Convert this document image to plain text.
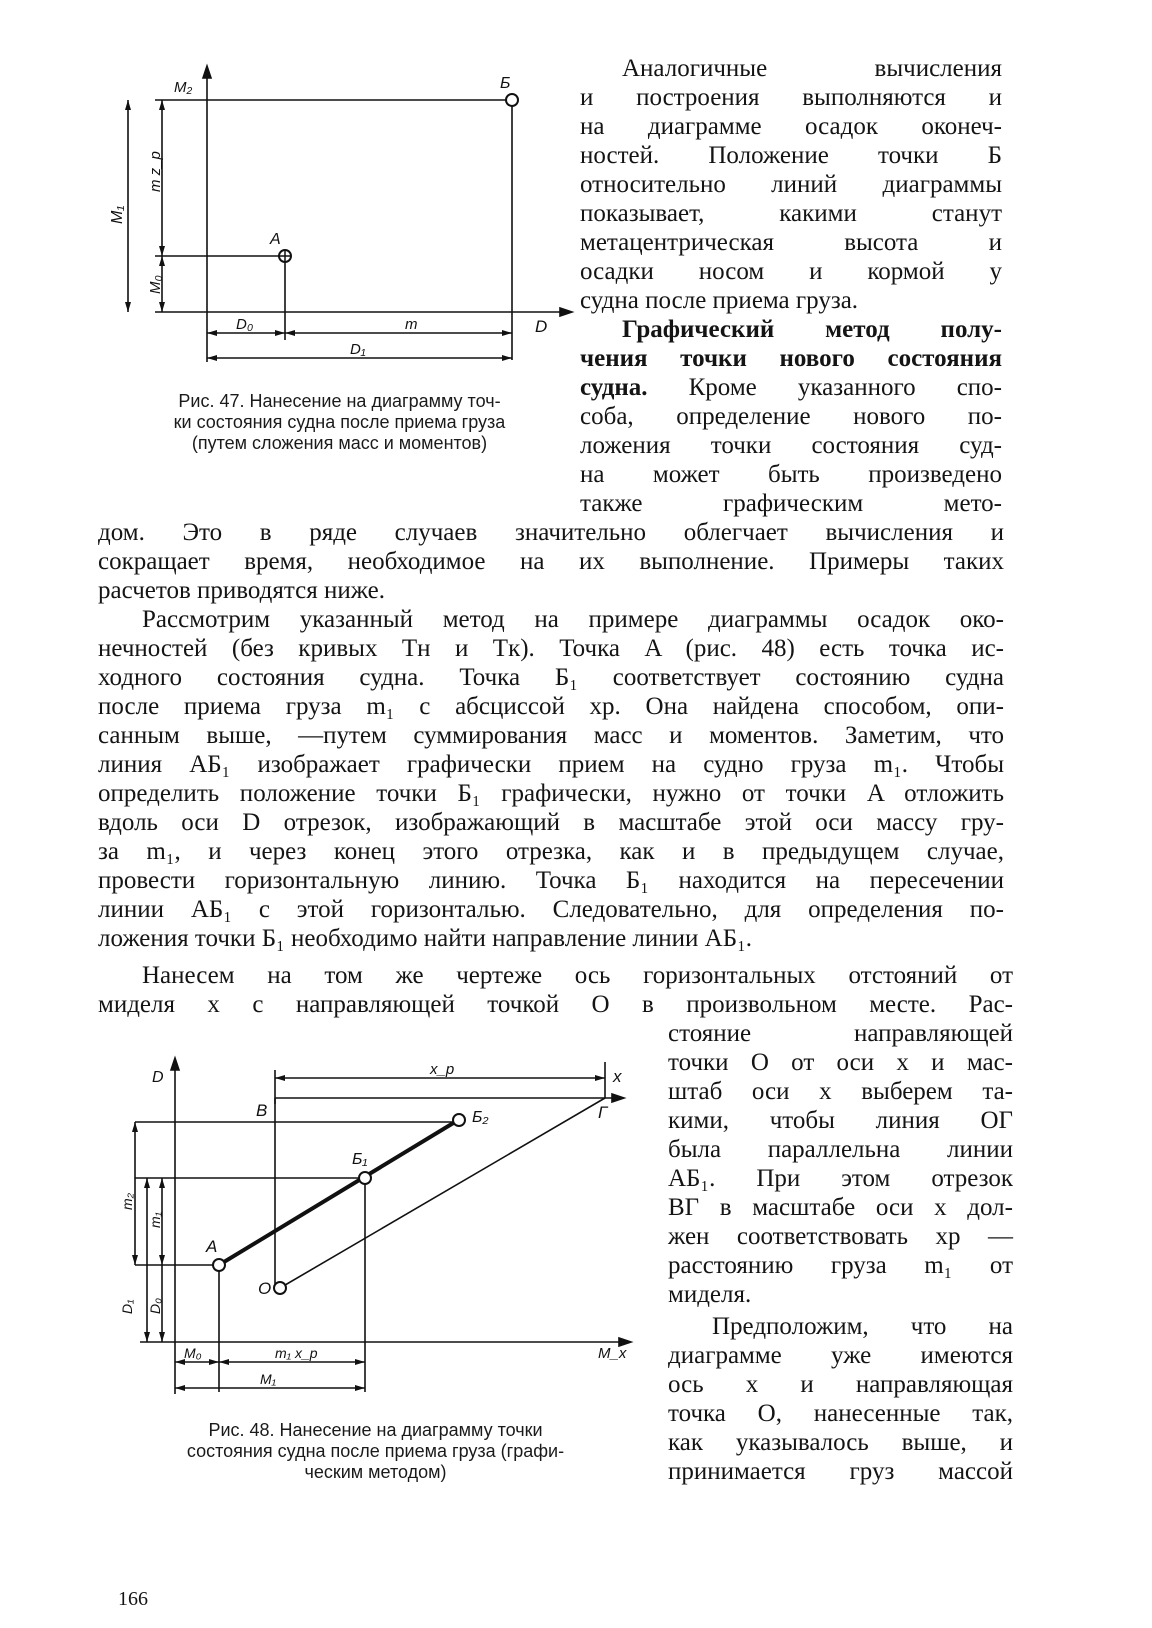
M₂	Б
M₁
m z_p
A
M₀
D₀	m	D
D₁
Рис. 47. Нанесение на диаграмму точ-
ки состояния судна после приема груза
(путем сложения масс и моментов)
Аналогичные вычисления
и построения выполняются и
на диаграмме осадок оконеч-
ностей. Положение точки Б
относительно линий диаграммы
показывает, какими станут
метацентрическая высота и
осадки носом и кормой у
судна после приема груза.
Графический метод полу-
чения точки нового состояния
судна. Кроме указанного спо-
соба, определение нового по-
ложения точки состояния суд-
на может быть произведено
также графическим мето-
дом. Это в ряде случаев значительно облегчает вычисления и
сокращает время, необходимое на их выполнение. Примеры таких
расчетов приводятся ниже.
Рассмотрим указанный метод на примере диаграммы осадок око-
нечностей (без кривых Tн и Tк). Точка A (рис. 48) есть точка ис-
ходного состояния судна. Точка Б₁ соответствует состоянию судна
после приема груза m₁ с абсциссой xр. Она найдена способом, опи-
санным выше, —путем суммирования масс и моментов. Заметим, что
линия AБ₁ изображает графически прием на судно груза m₁. Чтобы
определить положение точки Б₁ графически, нужно от точки A отложить
вдоль оси D отрезок, изображающий в масштабе этой оси массу гру-
за m₁, и через конец этого отрезка, как и в предыдущем случае,
провести горизонтальную линию. Точка Б₁ находится на пересечении
линии AБ₁ с этой горизонталью. Следовательно, для определения по-
ложения точки Б₁ необходимо найти направление линии AБ₁.
Нанесем на том же чертеже ось горизонтальных отстояний от
миделя x с направляющей точкой O в произвольном месте. Рас-
D	x_p	x
В	Г
Б₂
Б₁
A
O
m₂
m₁
D₁ D₀
M₀	m₁ x_p	M_x
M₁
Рис. 48. Нанесение на диаграмму точки
состояния судна после приема груза (графи-
ческим методом)
стояние направляющей
точки O от оси x и мас-
штаб оси x выберем та-
кими, чтобы линия OГ
была параллельна линии
AБ₁. При этом отрезок
ВГ в масштабе оси x дол-
жен соответствовать xр —
расстоянию груза m₁ от
миделя.
Предположим, что на
диаграмме уже имеются
ось x и направляющая
точка O, нанесенные так,
как указывалось выше, и
принимается груз массой
166
